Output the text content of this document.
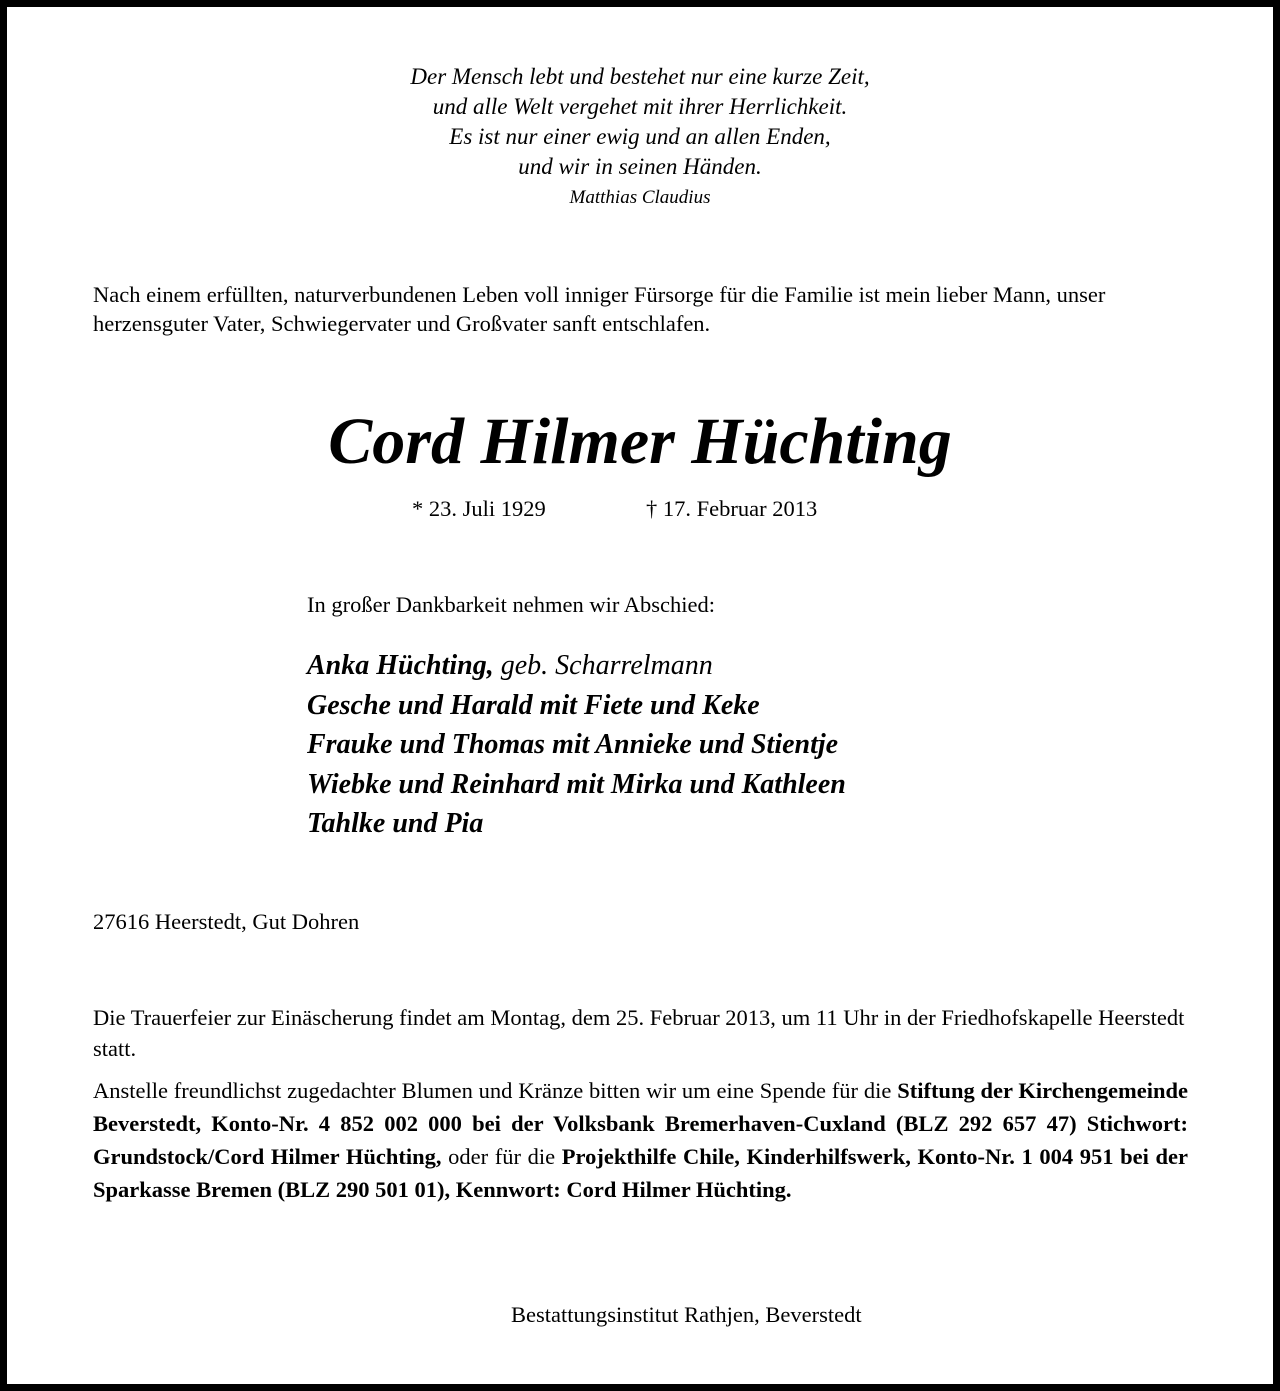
Der Mensch lebt und bestehet nur eine kurze Zeit,
und alle Welt vergehet mit ihrer Herrlichkeit.
Es ist nur einer ewig und an allen Enden,
und wir in seinen Händen.
Matthias Claudius

Nach einem erfüllten, naturverbundenen Leben voll inniger Fürsorge für die Familie ist mein lieber Mann, unser herzensguter Vater, Schwiegervater und Großvater sanft entschlafen.

Cord Hilmer Hüchting
* 23. Juli 1929	† 17. Februar 2013
In großer Dankbarkeit nehmen wir Abschied:
Anka Hüchting, geb. Scharrelmann
Gesche und Harald mit Fiete und Keke
Frauke und Thomas mit Annieke und Stientje
Wiebke und Reinhard mit Mirka und Kathleen
Tahlke und Pia
27616 Heerstedt, Gut Dohren

Die Trauerfeier zur Einäscherung findet am Montag, dem 25. Februar 2013, um 11 Uhr in der Friedhofskapelle Heerstedt statt.

Anstelle freundlichst zugedachter Blumen und Kränze bitten wir um eine Spende für die Stiftung der Kirchengemeinde Beverstedt, Konto-Nr. 4 852 002 000 bei der Volksbank Bremerhaven-Cuxland (BLZ 292 657 47) Stichwort: Grundstock/Cord Hilmer Hüchting, oder für die Projekthilfe Chile, Kinderhilfswerk, Konto-Nr. 1 004 951 bei der Sparkasse Bremen (BLZ 290 501 01), Kennwort: Cord Hilmer Hüchting.

Bestattungsinstitut Rathjen, Beverstedt
